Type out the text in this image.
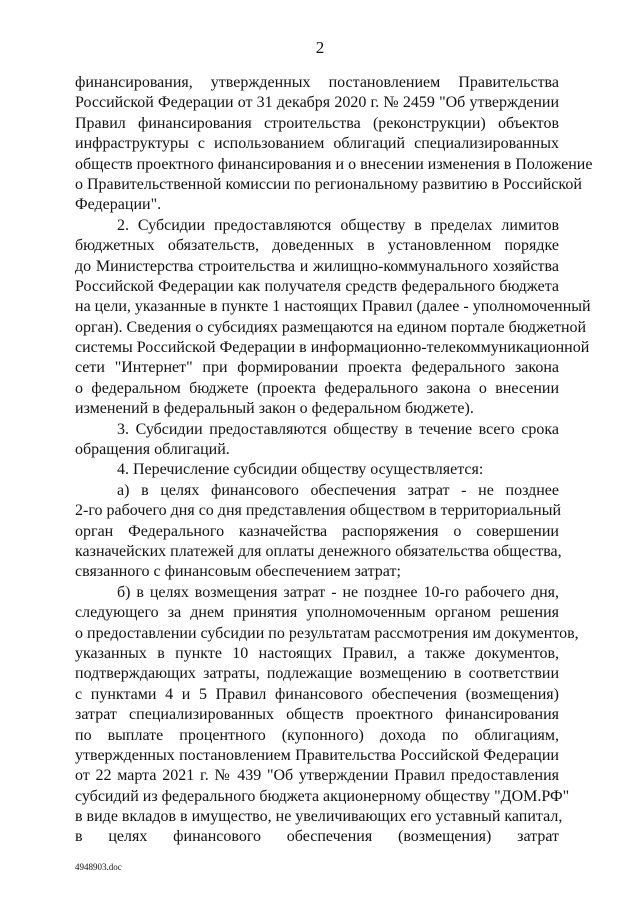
2
финансирования, утвержденных постановлением Правительства
Российской Федерации от 31 декабря 2020 г. № 2459 "Об утверждении
Правил финансирования строительства (реконструкции) объектов
инфраструктуры с использованием облигаций специализированных
обществ проектного финансирования и о внесении изменения в Положение
о Правительственной комиссии по региональному развитию в Российской
Федерации".
2. Субсидии предоставляются обществу в пределах лимитов
бюджетных обязательств, доведенных в установленном порядке
до Министерства строительства и жилищно-коммунального хозяйства
Российской Федерации как получателя средств федерального бюджета
на цели, указанные в пункте 1 настоящих Правил (далее - уполномоченный
орган). Сведения о субсидиях размещаются на едином портале бюджетной
системы Российской Федерации в информационно-телекоммуникационной
сети "Интернет" при формировании проекта федерального закона
о федеральном бюджете (проекта федерального закона о внесении
изменений в федеральный закон о федеральном бюджете).
3. Субсидии предоставляются обществу в течение всего срока
обращения облигаций.
4. Перечисление субсидии обществу осуществляется:
а) в целях финансового обеспечения затрат - не позднее
2-го рабочего дня со дня представления обществом в территориальный
орган Федерального казначейства распоряжения о совершении
казначейских платежей для оплаты денежного обязательства общества,
связанного с финансовым обеспечением затрат;
б) в целях возмещения затрат - не позднее 10-го рабочего дня,
следующего за днем принятия уполномоченным органом решения
о предоставлении субсидии по результатам рассмотрения им документов,
указанных в пункте 10 настоящих Правил, а также документов,
подтверждающих затраты, подлежащие возмещению в соответствии
с пунктами 4 и 5 Правил финансового обеспечения (возмещения)
затрат специализированных обществ проектного финансирования
по выплате процентного (купонного) дохода по облигациям,
утвержденных постановлением Правительства Российской Федерации
от 22 марта 2021 г. № 439 "Об утверждении Правил предоставления
субсидий из федерального бюджета акционерному обществу "ДОМ.РФ"
в виде вкладов в имущество, не увеличивающих его уставный капитал,
в целях финансового обеспечения (возмещения) затрат
4948903.doc
